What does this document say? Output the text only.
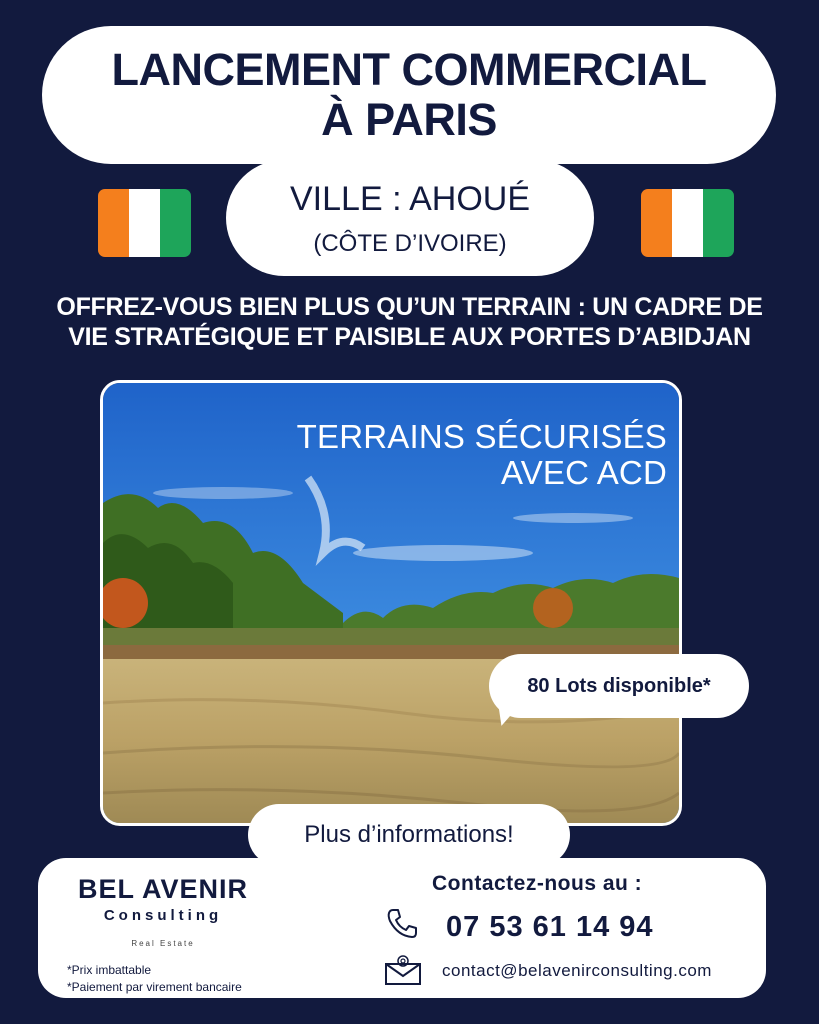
LANCEMENT COMMERCIAL
À PARIS
VILLE : AHOUÉ
(CÔTE D’IVOIRE)
OFFREZ-VOUS BIEN PLUS QU’UN TERRAIN : UN CADRE DE
VIE STRATÉGIQUE ET PAISIBLE AUX PORTES D’ABIDJAN
TERRAINS SÉCURISÉS
AVEC ACD
80 Lots disponible*
Plus d’informations!
BEL AVENIR
Consulting
Real Estate
*Prix imbattable
*Paiement par virement bancaire
Contactez-nous au :
07 53 61 14 94
contact@belavenirconsulting.com
